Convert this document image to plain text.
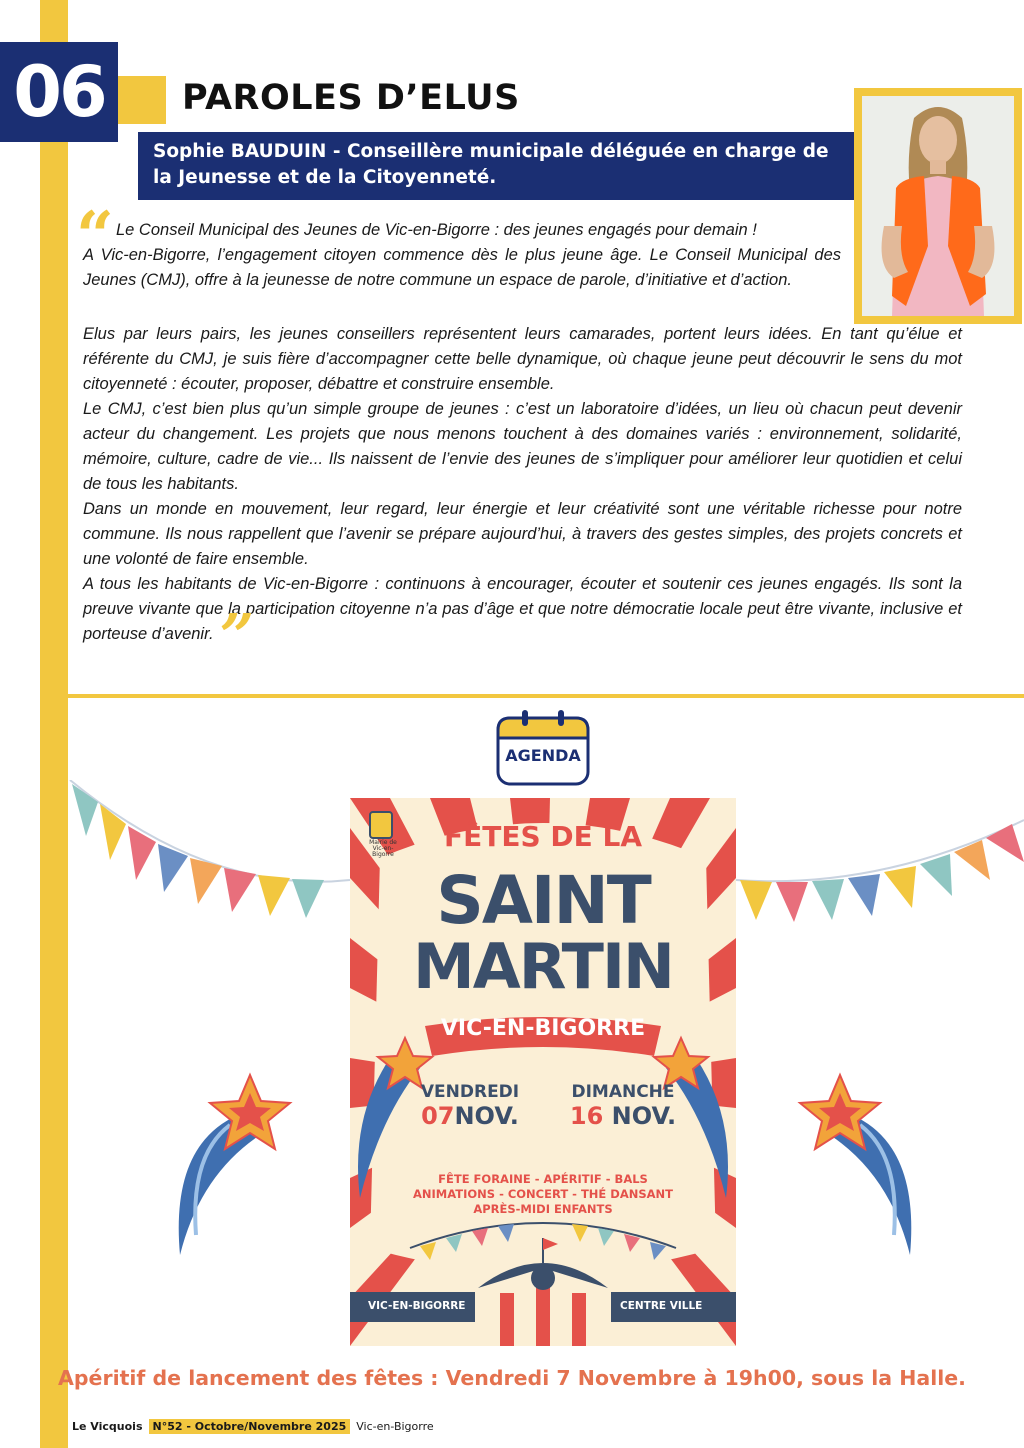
06	PAROLES D’ELUS
Sophie BAUDUIN - Conseillère municipale déléguée en charge de
la Jeunesse et de la Citoyenneté.
“ Le Conseil Municipal des Jeunes de Vic-en-Bigorre : des jeunes engagés pour demain !

A Vic-en-Bigorre, l’engagement citoyen commence dès le plus jeune âge. Le Conseil Municipal des Jeunes (CMJ), offre à la jeunesse de notre commune un espace de parole, d’initiative et d’action.

Elus par leurs pairs, les jeunes conseillers représentent leurs camarades, portent leurs idées. En tant qu’élue et référente du CMJ, je suis fière d’accompagner cette belle dynamique, où chaque jeune peut découvrir le sens du mot citoyenneté : écouter, proposer, débattre et construire ensemble.

Le CMJ, c’est bien plus qu’un simple groupe de jeunes : c’est un laboratoire d’idées, un lieu où chacun peut devenir acteur du changement. Les projets que nous menons touchent à des domaines variés : environnement, solidarité, mémoire, culture, cadre de vie... Ils naissent de l’envie des jeunes de s’impliquer pour améliorer leur quotidien et celui de tous les habitants.

Dans un monde en mouvement, leur regard, leur énergie et leur créativité sont une véritable richesse pour notre commune. Ils nous rappellent que l’avenir se prépare aujourd’hui, à travers des gestes simples, des projets concrets et une volonté de faire ensemble.

A tous les habitants de Vic-en-Bigorre : continuons à encourager, écouter et soutenir ces jeunes engagés. Ils sont la preuve vivante que la participation citoyenne n’a pas d’âge et que notre démocratie locale peut être vivante, inclusive et porteuse d’avenir. ”

AGENDA
Mairie de Vic-en-Bigorre
FÊTES DE LA
SAINT
MARTIN
VIC-EN-BIGORRE
VENDREDI
07NOV.
DIMANCHE
16 NOV.
FÊTE FORAINE - APÉRITIF - BALS
ANIMATIONS - CONCERT - THÉ DANSANT
APRÈS-MIDI ENFANTS
VIC-EN-BIGORRE	CENTRE VILLE
Apéritif de lancement des fêtes : Vendredi 7 Novembre à 19h00, sous la Halle.
Le Vicquois N°52 - Octobre/Novembre 2025 Vic-en-Bigorre
